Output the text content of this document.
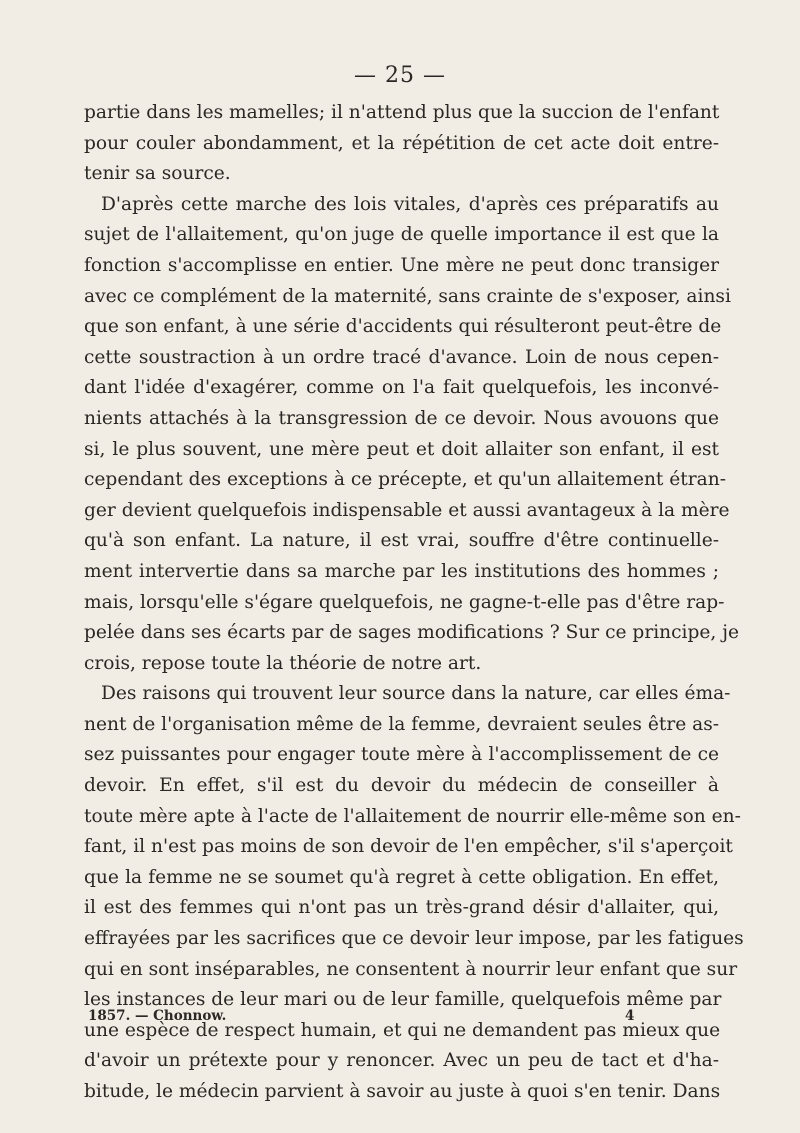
— 25 —
partie dans les mamelles; il n'attend plus que la succion de l'enfant
pour couler abondamment, et la répétition de cet acte doit entre-
tenir sa source.
D'après cette marche des lois vitales, d'après ces préparatifs au
sujet de l'allaitement, qu'on juge de quelle importance il est que la
fonction s'accomplisse en entier. Une mère ne peut donc transiger
avec ce complément de la maternité, sans crainte de s'exposer, ainsi
que son enfant, à une série d'accidents qui résulteront peut-être de
cette soustraction à un ordre tracé d'avance. Loin de nous cepen-
dant l'idée d'exagérer, comme on l'a fait quelquefois, les inconvé-
nients attachés à la transgression de ce devoir. Nous avouons que
si, le plus souvent, une mère peut et doit allaiter son enfant, il est
cependant des exceptions à ce précepte, et qu'un allaitement étran-
ger devient quelquefois indispensable et aussi avantageux à la mère
qu'à son enfant. La nature, il est vrai, souffre d'être continuelle-
ment intervertie dans sa marche par les institutions des hommes ;
mais, lorsqu'elle s'égare quelquefois, ne gagne-t-elle pas d'être rap-
pelée dans ses écarts par de sages modifications ? Sur ce principe, je
crois, repose toute la théorie de notre art.
Des raisons qui trouvent leur source dans la nature, car elles éma-
nent de l'organisation même de la femme, devraient seules être as-
sez puissantes pour engager toute mère à l'accomplissement de ce
devoir. En effet, s'il est du devoir du médecin de conseiller à
toute mère apte à l'acte de l'allaitement de nourrir elle-même son en-
fant, il n'est pas moins de son devoir de l'en empêcher, s'il s'aperçoit
que la femme ne se soumet qu'à regret à cette obligation. En effet,
il est des femmes qui n'ont pas un très-grand désir d'allaiter, qui,
effrayées par les sacrifices que ce devoir leur impose, par les fatigues
qui en sont inséparables, ne consentent à nourrir leur enfant que sur
les instances de leur mari ou de leur famille, quelquefois même par
une espèce de respect humain, et qui ne demandent pas mieux que
d'avoir un prétexte pour y renoncer. Avec un peu de tact et d'ha-
bitude, le médecin parvient à savoir au juste à quoi s'en tenir. Dans
1857. — Chonnow.	4
